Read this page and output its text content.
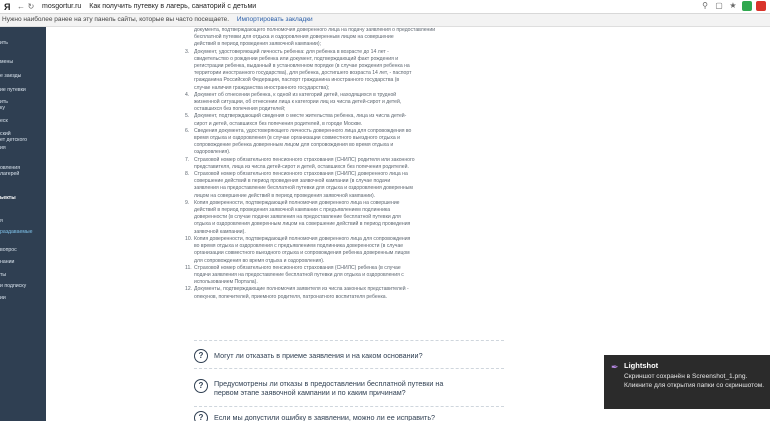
Я ← ↻ mosgortur.ru Как получить путевку в лагерь, санаторий с детьми	⚲ ▢ ★
Нужно наиболее ранее на эту панель сайты, которые вы часто посещаете. Импортировать закладки
ить
мены
е заезды
ие путевки
ить
ку
еск
ский
ет детского
ия
овления
лагерей
ьекты
я
раздаваемые
вопрос
нании
ты
и подписку
ии
документа, подтверждающего полномочия доверенного лица на подачу заявления о предоставлении
бесплатной путевки для отдыха и оздоровления доверенным лицом на совершение
действий в период проведения заявочной кампании);
3. Документ, удостоверяющий личность ребенка: для ребенка в возрасте до 14 лет -
свидетельство о рождении ребенка или документ, подтверждающий факт рождения и
регистрации ребенка, выданный в установленном порядке (в случае рождения ребенка на
территории иностранного государства), для ребенка, достигшего возраста 14 лет, - паспорт
гражданина Российской Федерации, паспорт гражданина иностранного государства (в
случае наличия гражданства иностранного государства);
4. Документ об отнесении ребенка, к одной из категорий детей, находящихся в трудной
жизненной ситуации, об отнесении лица к категории лиц из числа детей-сирот и детей,
оставшихся без попечения родителей;
5. Документ, подтверждающий сведения о месте жительства ребенка, лица из числа детей-
сирот и детей, оставшихся без попечения родителей, в городе Москве.
6. Сведения документа, удостоверяющего личность доверенного лица для сопровождения во
время отдыха и оздоровления (в случае организации совместного выездного отдыха и
сопровождение ребенка доверенным лицом для сопровождения во время отдыха и
оздоровления).
7. Страховой номер обязательного пенсионного страхования (СНИЛС) родителя или законного
представителя, лица из числа детей-сирот и детей, оставшихся без попечения родителей.
8. Страховой номер обязательного пенсионного страхования (СНИЛС) доверенного лица на
совершение действий в период проведения заявочной кампании (в случае подачи
заявления на предоставление бесплатной путевки для отдыха и оздоровления доверенным
лицом на совершение действий в период проведения заявочной кампании).
9. Копия доверенности, подтверждающей полномочия доверенного лица на совершение
действий в период проведения заявочной кампании с предъявлением подлинника
доверенности (в случае подачи заявления на предоставление бесплатной путевки для
отдыха и оздоровления доверенным лицом на совершение действий в период проведения
заявочной кампании).
10. Копия доверенности, подтверждающей полномочия доверенного лица для сопровождения
во время отдыха и оздоровления с предъявлением подлинника доверенности (в случае
организации совместного выездного отдыха и сопровождения ребенка доверенным лицом
для сопровождения во время отдыха и оздоровления).
11. Страховой номер обязательного пенсионного страхования (СНИЛС) ребенка (в случае
подачи заявления на предоставление бесплатной путевки для отдыха и оздоровления с
использованием Портала).
12. Документы, подтверждающие полномочия заявителя из числа законных представителей -
опекунов, попечителей, приемного родителя, патронатного воспитателя ребенка.
?	Могут ли отказать в приеме заявления и на каком основании?
?	Предусмотрены ли отказы в предоставлении бесплатной путевки на первом этапе заявочной кампании и по каким причинам?
?	Если мы допустили ошибку в заявлении, можно ли ее исправить?
✒ Lightshot
Скриншот сохранён в Screenshot_1.png. Кликните для открытия папки со скриншотом.
